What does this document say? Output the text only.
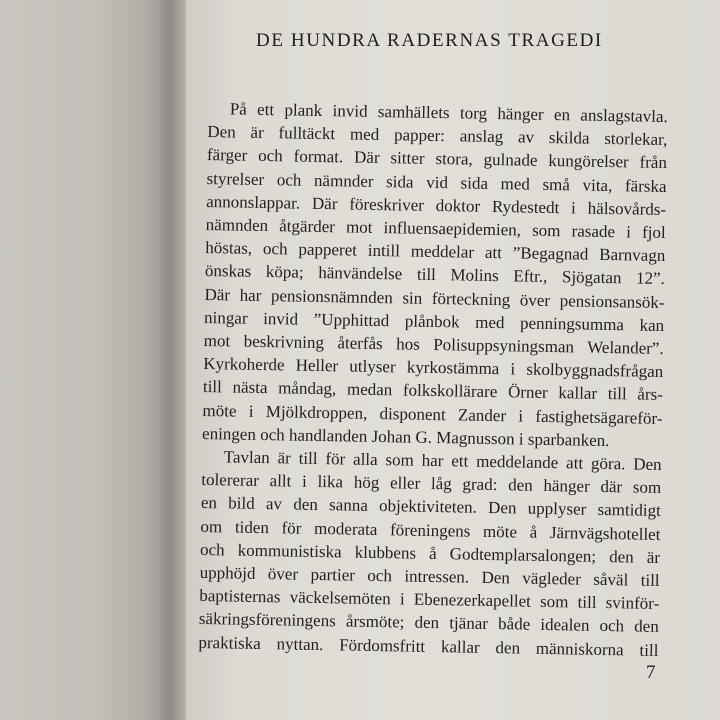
DE HUNDRA RADERNAS TRAGEDI
På ett plank invid samhällets torg hänger en anslagstavla.
Den är fulltäckt med papper: anslag av skilda storlekar,
färger och format. Där sitter stora, gulnade kungörelser från
styrelser och nämnder sida vid sida med små vita, färska
annonslappar. Där föreskriver doktor Rydestedt i hälsovårds-
nämnden åtgärder mot influensaepidemien, som rasade i fjol
höstas, och papperet intill meddelar att ”Begagnad Barnvagn
önskas köpa; hänvändelse till Molins Eftr., Sjögatan 12”.
Där har pensionsnämnden sin förteckning över pensionsansök-
ningar invid ”Upphittad plånbok med penningsumma kan
mot beskrivning återfås hos Polisuppsyningsman Welander”.
Kyrkoherde Heller utlyser kyrkostämma i skolbyggnadsfrågan
till nästa måndag, medan folkskollärare Örner kallar till års-
möte i Mjölkdroppen, disponent Zander i fastighetsägareför-
eningen och handlanden Johan G. Magnusson i sparbanken.
Tavlan är till för alla som har ett meddelande att göra. Den
tolererar allt i lika hög eller låg grad: den hänger där som
en bild av den sanna objektiviteten. Den upplyser samtidigt
om tiden för moderata föreningens möte å Järnvägshotellet
och kommunistiska klubbens å Godtemplarsalongen; den är
upphöjd över partier och intressen. Den vägleder såväl till
baptisternas väckelsemöten i Ebenezerkapellet som till svinför-
säkringsföreningens årsmöte; den tjänar både idealen och den
praktiska nyttan. Fördomsfritt kallar den människorna till
7
